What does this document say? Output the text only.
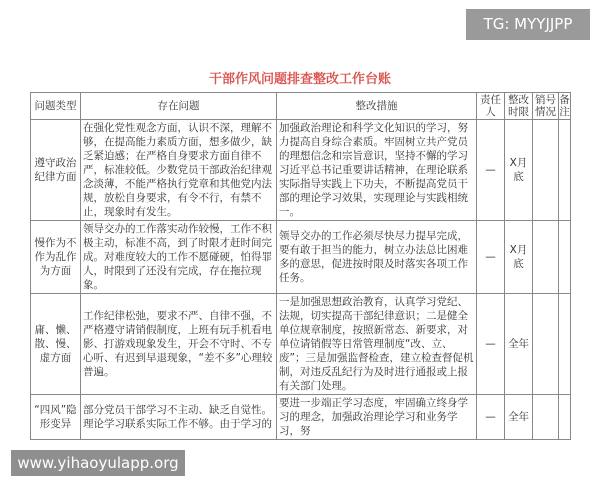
干部作风问题排查整改工作台账
问题类型	存在问题	整改措施	责任人	整改时限	销号情况	备注
遵守政治纪律方面	在强化党性观念方面，认识不深，理解不够，在提高能力素质方面，想多做少，缺乏紧迫感；在严格自身要求方面自律不严，标准较低。少数党员干部政治纪律观念淡薄，不能严格执行党章和其他党内法规，放松自身要求，有令不行，有禁不止，现象时有发生。	加强政治理论和科学文化知识的学习，努力提高自身综合素质。牢固树立共产党员的理想信念和宗旨意识，坚持不懈的学习习近平总书记重要讲话精神，在理论联系实际指导实践上下功夫，不断提高党员干部的理论学习效果，实现理论与实践相统一。	—	X月底		
慢作为不作为乱作为方面	领导交办的工作落实动作较慢，工作不积极主动，标准不高，到了时限才赶时间完成。对难度较大的工作不愿碰硬，怕得罪人，时限到了还没有完成，存在拖拉现象。	领导交办的工作必须尽快尽力提早完成，要有敢于担当的能力，树立办法总比困难多的意思，促进按时限及时落实各项工作任务。	—	X月底		
庸、懒、散、慢、虚方面	工作纪律松弛，要求不严、自律不强，不严格遵守请销假制度，上班有玩手机看电影、打游戏现象发生，开会不守时、不专心听、有迟到早退现象，“差不多”心理较普遍。	一是加强思想政治教育，认真学习党纪、法规，切实提高干部纪律意识；二是健全单位规章制度，按照新常态、新要求，对单位请销假等日常管理制度“改、立、废”；三是加强监督检查，建立检查督促机制，对违反乱纪行为及时进行通报或上报有关部门处理。	—	全年		
“四风”隐形变异	部分党员干部学习不主动、缺乏自觉性。理论学习联系实际工作不够。由于学习的	要进一步端正学习态度，牢固确立终身学习的理念，加强政治理论学习和业务学习，努	—	全年		
TG: MYYJJPP
www.yihaoyulapp.org
